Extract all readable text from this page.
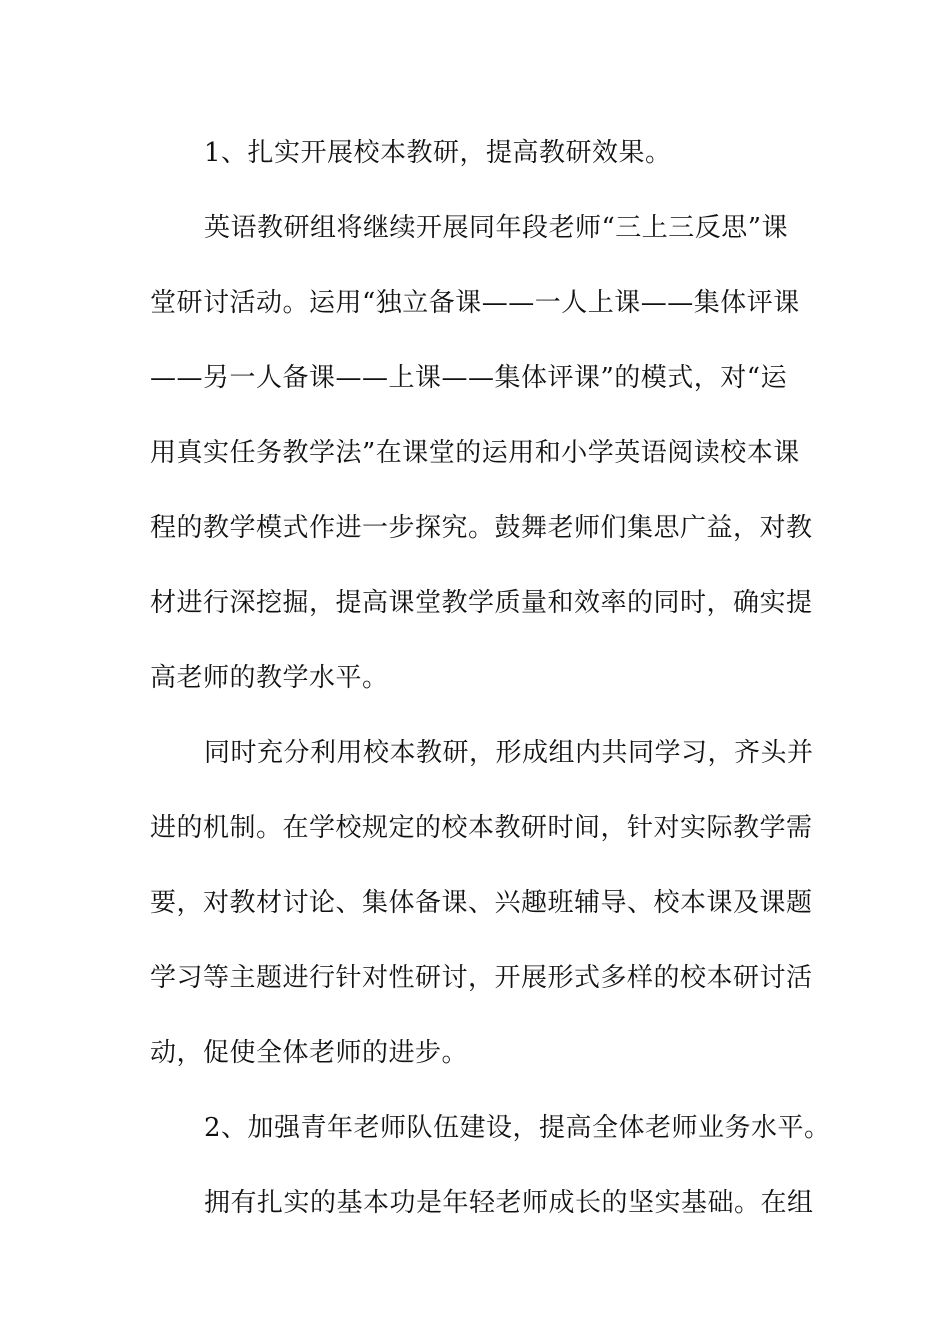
1、扎实开展校本教研，提高教研效果。
英语教研组将继续开展同年段老师“三上三反思”课
堂研讨活动。运用“独立备课——一人上课——集体评课
——另一人备课——上课——集体评课”的模式，对“运
用真实任务教学法”在课堂的运用和小学英语阅读校本课
程的教学模式作进一步探究。鼓舞老师们集思广益，对教
材进行深挖掘，提高课堂教学质量和效率的同时，确实提
高老师的教学水平。
同时充分利用校本教研，形成组内共同学习，齐头并
进的机制。在学校规定的校本教研时间，针对实际教学需
要，对教材讨论、集体备课、兴趣班辅导、校本课及课题
学习等主题进行针对性研讨，开展形式多样的校本研讨活
动，促使全体老师的进步。
2、加强青年老师队伍建设，提高全体老师业务水平。
拥有扎实的基本功是年轻老师成长的坚实基础。在组
